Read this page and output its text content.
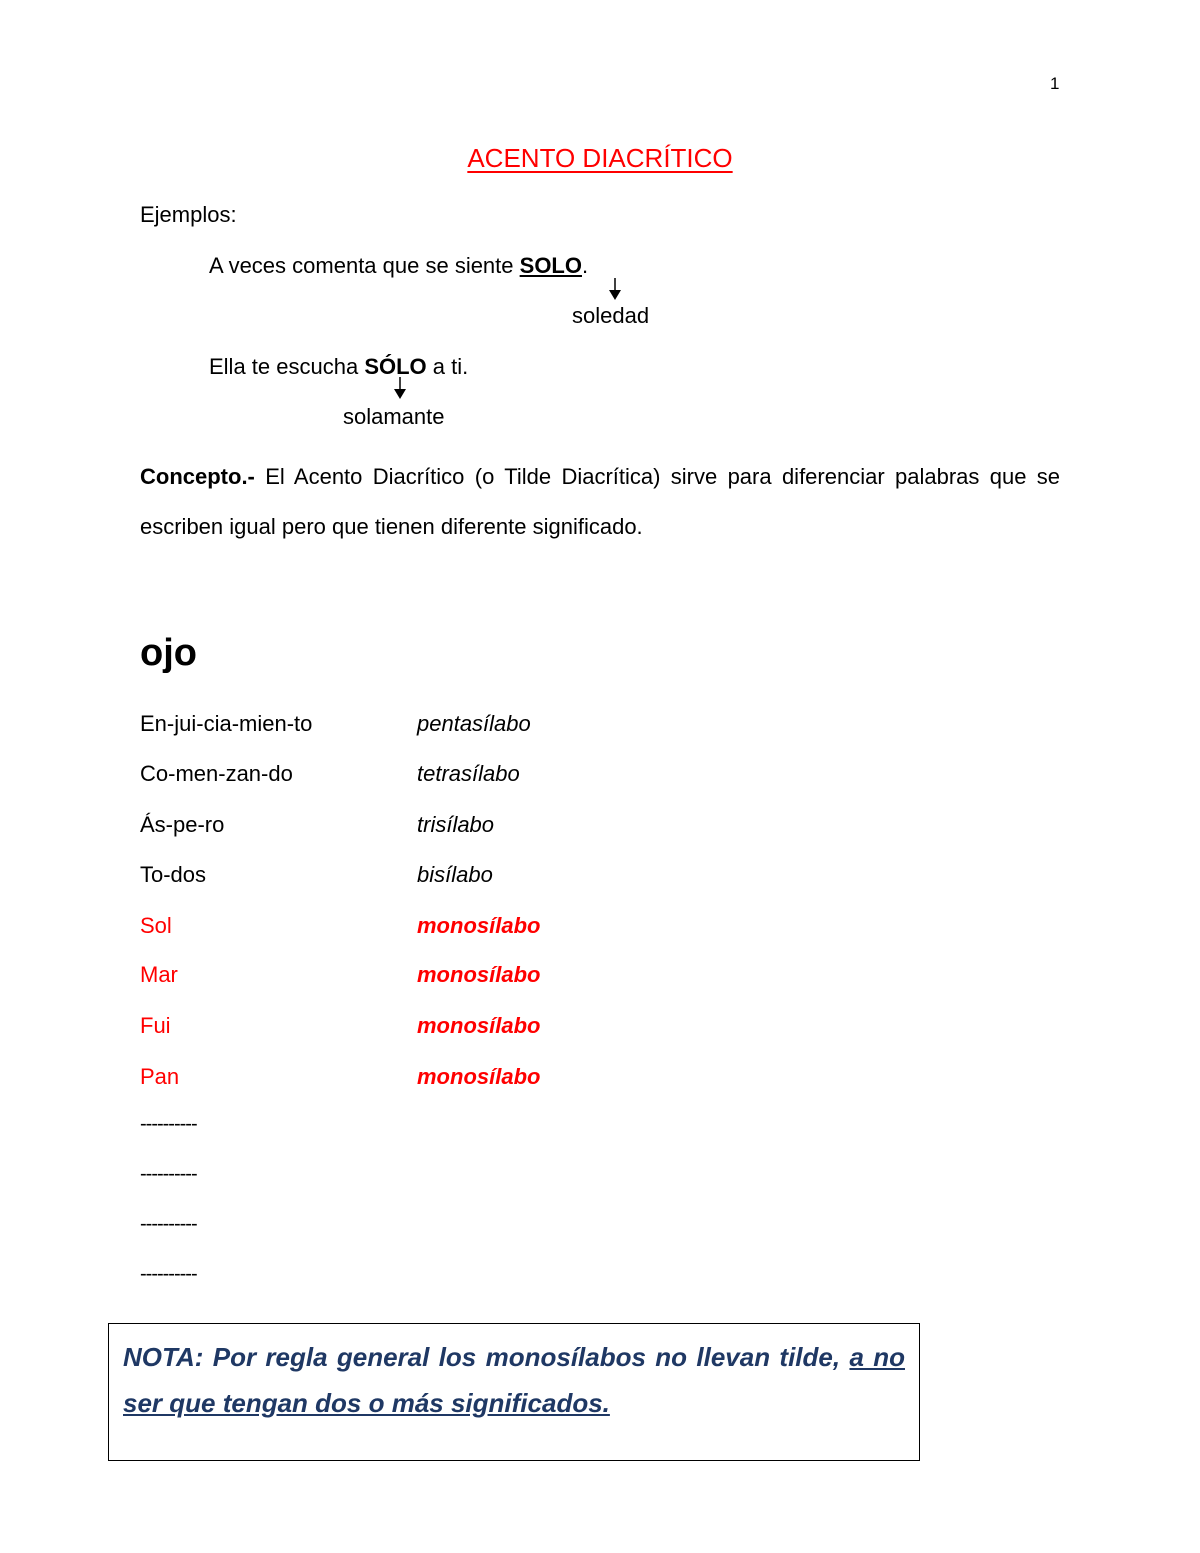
1
ACENTO DIACRÍTICO
Ejemplos:
A veces comenta que se siente SOLO.
soledad
Ella te escucha SÓLO a ti.
solamante
Concepto.- El Acento Diacrítico (o Tilde Diacrítica) sirve para diferenciar palabras que se escriben igual pero que tienen diferente significado.
ojo
En-jui-cia-mien-to	pentasílabo
Co-men-zan-do	tetrasílabo
Ás-pe-ro	trisílabo
To-dos	bisílabo
Sol	monosílabo
Mar	monosílabo
Fui	monosílabo
Pan	monosílabo
----------
----------
----------
----------
NOTA: Por regla general los monosílabos no llevan tilde, a no ser que tengan dos o más significados.
